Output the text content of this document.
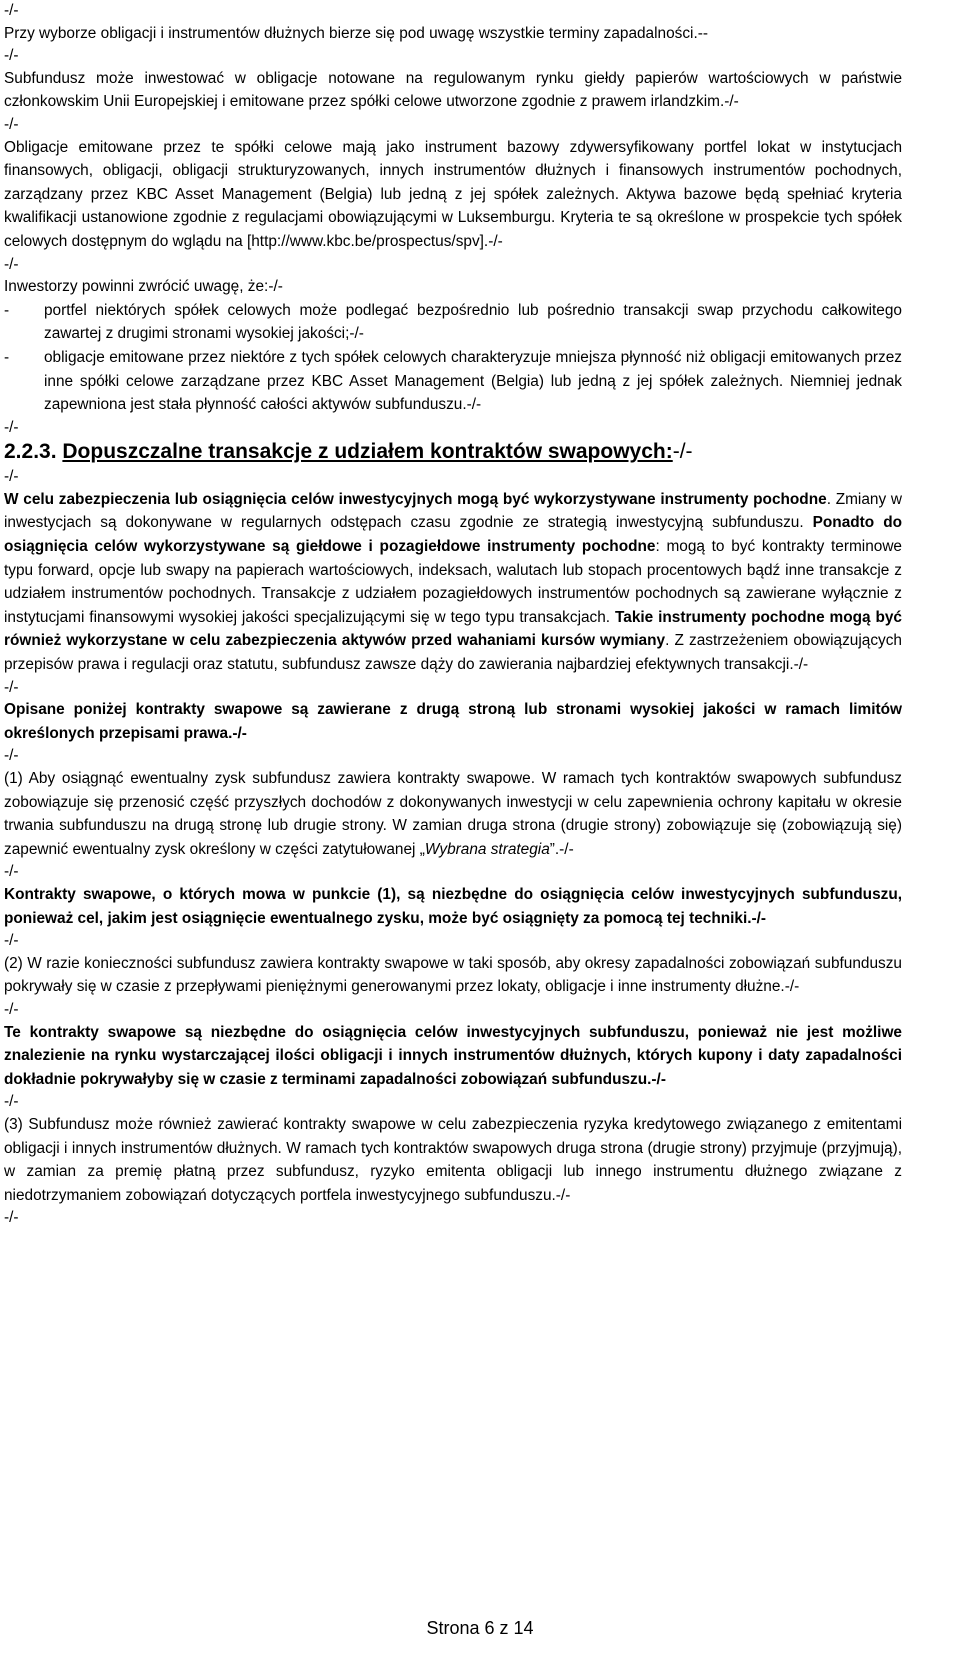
-/-

Przy wyborze obligacji i instrumentów dłużnych bierze się pod uwagę wszystkie terminy zapadalności.--

-/-

Subfundusz może inwestować w obligacje notowane na regulowanym rynku giełdy papierów wartościowych w państwie członkowskim Unii Europejskiej i emitowane przez spółki celowe utworzone zgodnie z prawem irlandzkim.-/-

-/-

Obligacje emitowane przez te spółki celowe mają jako instrument bazowy zdywersyfikowany portfel lokat w instytucjach finansowych, obligacji, obligacji strukturyzowanych, innych instrumentów dłużnych i finansowych instrumentów pochodnych, zarządzany przez KBC Asset Management (Belgia) lub jedną z jej spółek zależnych. Aktywa bazowe będą spełniać kryteria kwalifikacji ustanowione zgodnie z regulacjami obowiązującymi w Luksemburgu. Kryteria te są określone w prospekcie tych spółek celowych dostępnym do wglądu na [http://www.kbc.be/prospectus/spv].-/-

-/-

Inwestorzy powinni zwrócić uwagę, że:-/-

- portfel niektórych spółek celowych może podlegać bezpośrednio lub pośrednio transakcji swap przychodu całkowitego zawartej z drugimi stronami wysokiej jakości;-/-
- obligacje emitowane przez niektóre z tych spółek celowych charakteryzuje mniejsza płynność niż obligacji emitowanych przez inne spółki celowe zarządzane przez KBC Asset Management (Belgia) lub jedną z jej spółek zależnych. Niemniej jednak zapewniona jest stała płynność całości aktywów subfunduszu.-/-
-/-
2.2.3. Dopuszczalne transakcje z udziałem kontraktów swapowych:-/-
-/-

W celu zabezpieczenia lub osiągnięcia celów inwestycyjnych mogą być wykorzystywane instrumenty pochodne. Zmiany w inwestycjach są dokonywane w regularnych odstępach czasu zgodnie ze strategią inwestycyjną subfunduszu. Ponadto do osiągnięcia celów wykorzystywane są giełdowe i pozagiełdowe instrumenty pochodne: mogą to być kontrakty terminowe typu forward, opcje lub swapy na papierach wartościowych, indeksach, walutach lub stopach procentowych bądź inne transakcje z udziałem instrumentów pochodnych. Transakcje z udziałem pozagiełdowych instrumentów pochodnych są zawierane wyłącznie z instytucjami finansowymi wysokiej jakości specjalizującymi się w tego typu transakcjach. Takie instrumenty pochodne mogą być również wykorzystane w celu zabezpieczenia aktywów przed wahaniami kursów wymiany. Z zastrzeżeniem obowiązujących przepisów prawa i regulacji oraz statutu, subfundusz zawsze dąży do zawierania najbardziej efektywnych transakcji.-/-

-/-

Opisane poniżej kontrakty swapowe są zawierane z drugą stroną lub stronami wysokiej jakości w ramach limitów określonych przepisami prawa.-/-

-/-

(1) Aby osiągnąć ewentualny zysk subfundusz zawiera kontrakty swapowe. W ramach tych kontraktów swapowych subfundusz zobowiązuje się przenosić część przyszłych dochodów z dokonywanych inwestycji w celu zapewnienia ochrony kapitału w okresie trwania subfunduszu na drugą stronę lub drugie strony. W zamian druga strona (drugie strony) zobowiązuje się (zobowiązują się) zapewnić ewentualny zysk określony w części zatytułowanej „Wybrana strategia”.-/-

-/-

Kontrakty swapowe, o których mowa w punkcie (1), są niezbędne do osiągnięcia celów inwestycyjnych subfunduszu, ponieważ cel, jakim jest osiągnięcie ewentualnego zysku, może być osiągnięty za pomocą tej techniki.-/-

-/-

(2) W razie konieczności subfundusz zawiera kontrakty swapowe w taki sposób, aby okresy zapadalności zobowiązań subfunduszu pokrywały się w czasie z przepływami pieniężnymi generowanymi przez lokaty, obligacje i inne instrumenty dłużne.-/-

-/-

Te kontrakty swapowe są niezbędne do osiągnięcia celów inwestycyjnych subfunduszu, ponieważ nie jest możliwe znalezienie na rynku wystarczającej ilości obligacji i innych instrumentów dłużnych, których kupony i daty zapadalności dokładnie pokrywałyby się w czasie z terminami zapadalności zobowiązań subfunduszu.-/-

-/-

(3) Subfundusz może również zawierać kontrakty swapowe w celu zabezpieczenia ryzyka kredytowego związanego z emitentami obligacji i innych instrumentów dłużnych. W ramach tych kontraktów swapowych druga strona (drugie strony) przyjmuje (przyjmują), w zamian za premię płatną przez subfundusz, ryzyko emitenta obligacji lub innego instrumentu dłużnego związane z niedotrzymaniem zobowiązań dotyczących portfela inwestycyjnego subfunduszu.-/-

-/-
Strona 6 z 14
